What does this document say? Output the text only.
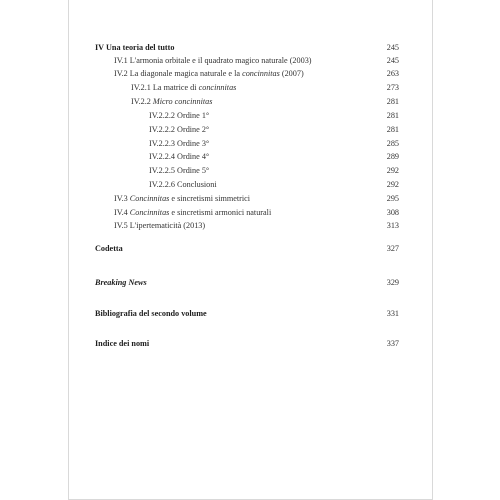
IV Una teoria del tutto	245
IV.1 L'armonia orbitale e il quadrato magico naturale (2003)	245
IV.2 La diagonale magica naturale e la concinnitas (2007)	263
IV.2.1 La matrice di concinnitas	273
IV.2.2 Micro concinnitas	281
IV.2.2.2 Ordine 1°	281
IV.2.2.2 Ordine 2°	281
IV.2.2.3 Ordine 3°	285
IV.2.2.4 Ordine 4°	289
IV.2.2.5 Ordine 5°	292
IV.2.2.6 Conclusioni	292
IV.3 Concinnitas e sincretismi simmetrici	295
IV.4 Concinnitas e sincretismi armonici naturali	308
IV.5 L'ipertematicità (2013)	313
Codetta	327
Breaking News	329
Bibliografia del secondo volume	331
Indice dei nomi	337
